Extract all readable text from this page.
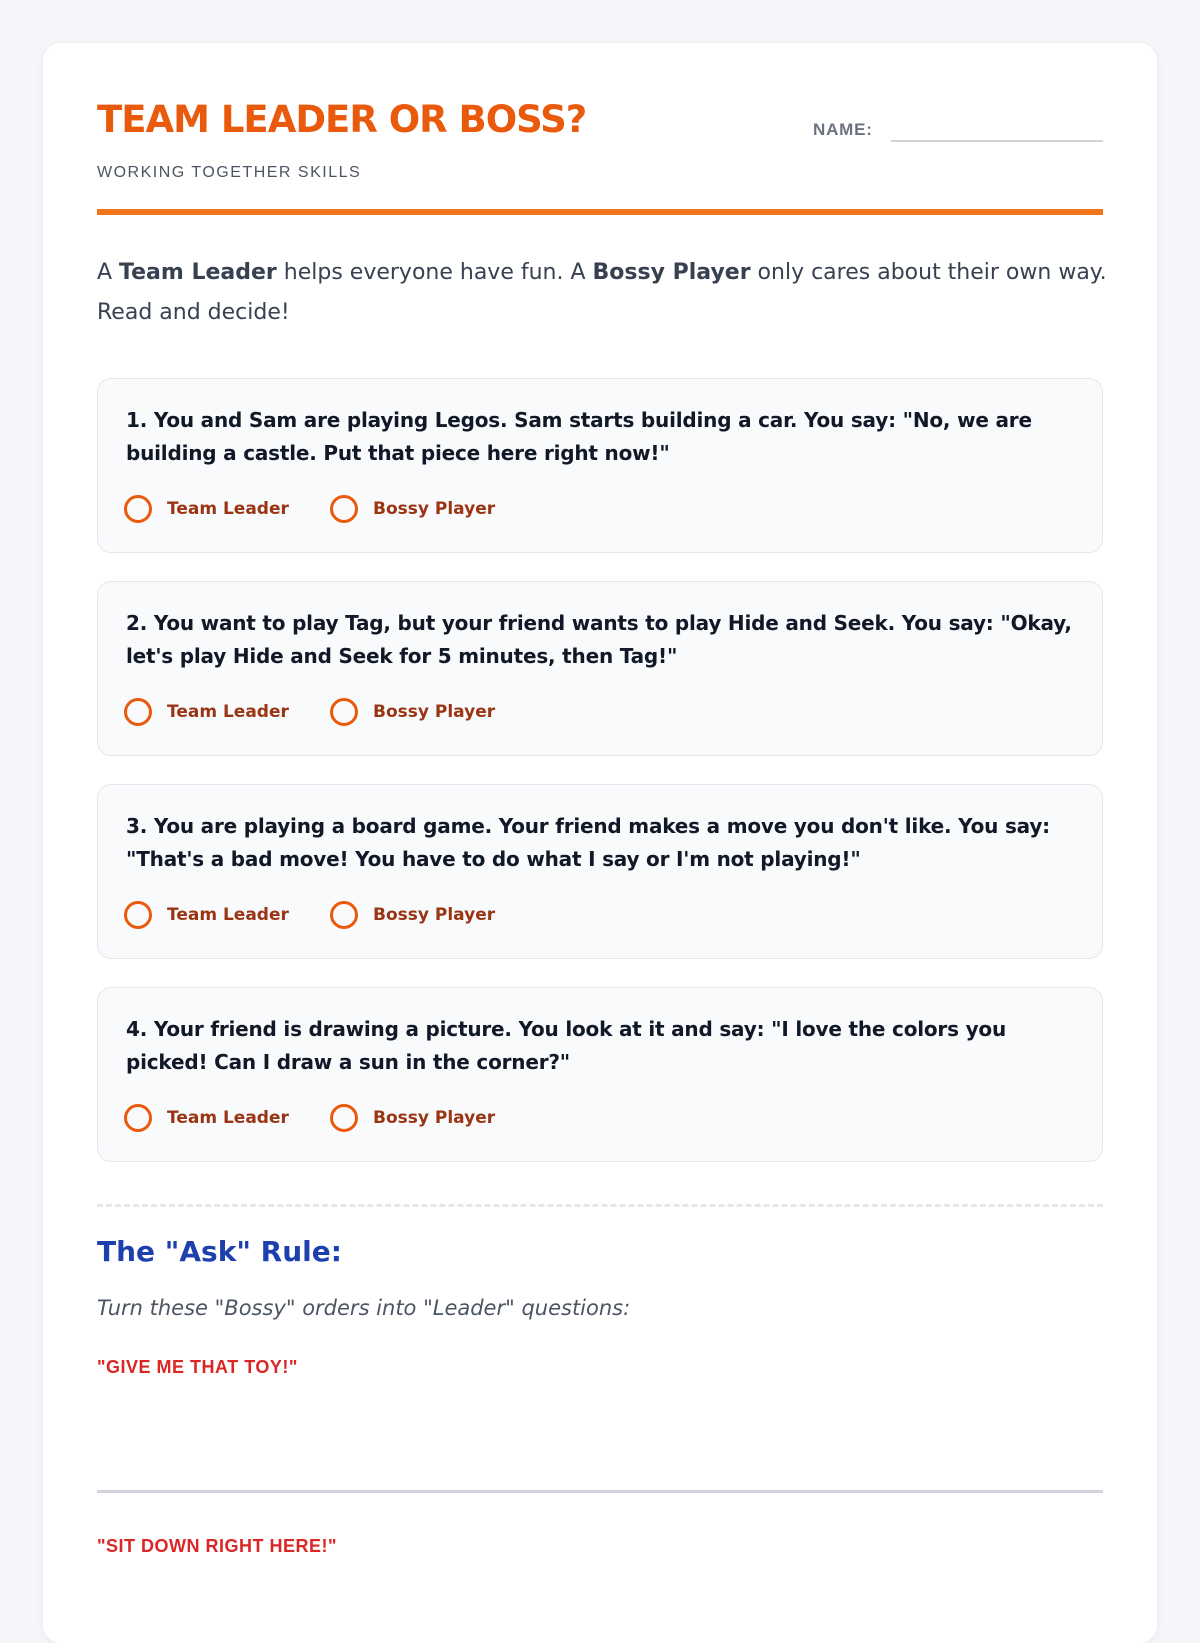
TEAM LEADER OR BOSS?
WORKING TOGETHER SKILLS
NAME:
A Team Leader helps everyone have fun. A Bossy Player only cares about their own way. Read and decide!
1. You and Sam are playing Legos. Sam starts building a car. You say: "No, we are building a castle. Put that piece here right now!"
Team Leader	Bossy Player
2. You want to play Tag, but your friend wants to play Hide and Seek. You say: "Okay, let's play Hide and Seek for 5 minutes, then Tag!"
Team Leader	Bossy Player
3. You are playing a board game. Your friend makes a move you don't like. You say: "That's a bad move! You have to do what I say or I'm not playing!"
Team Leader	Bossy Player
4. Your friend is drawing a picture. You look at it and say: "I love the colors you picked! Can I draw a sun in the corner?"
Team Leader	Bossy Player
The "Ask" Rule:
Turn these "Bossy" orders into "Leader" questions:
"GIVE ME THAT TOY!"
"SIT DOWN RIGHT HERE!"
